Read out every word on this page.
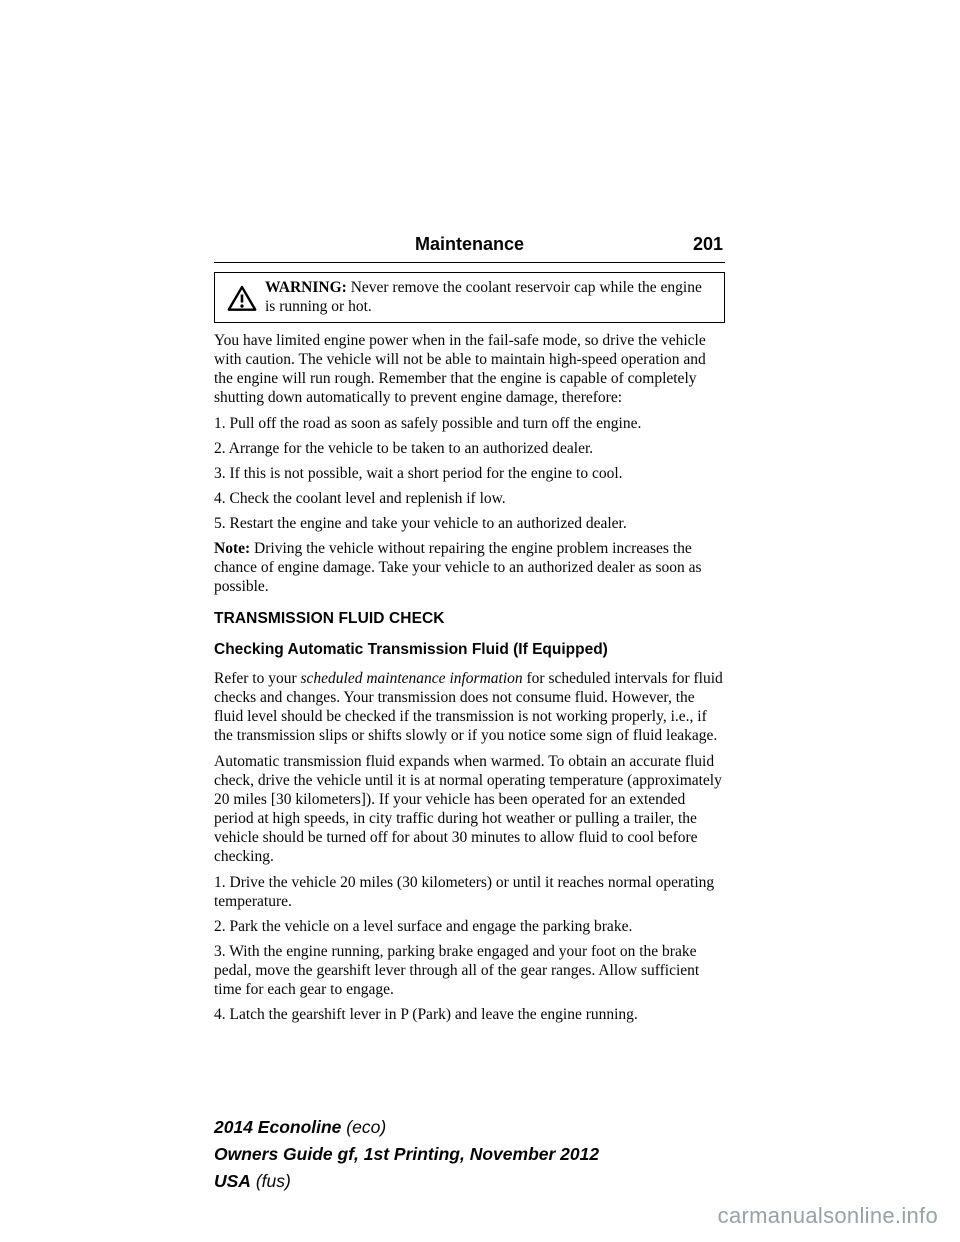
Maintenance	201

WARNING: Never remove the coolant reservoir cap while the engine is running or hot.

You have limited engine power when in the fail-safe mode, so drive the vehicle with caution. The vehicle will not be able to maintain high-speed operation and the engine will run rough. Remember that the engine is capable of completely shutting down automatically to prevent engine damage, therefore:

1. Pull off the road as soon as safely possible and turn off the engine.

2. Arrange for the vehicle to be taken to an authorized dealer.

3. If this is not possible, wait a short period for the engine to cool.

4. Check the coolant level and replenish if low.

5. Restart the engine and take your vehicle to an authorized dealer.

Note: Driving the vehicle without repairing the engine problem increases the chance of engine damage. Take your vehicle to an authorized dealer as soon as possible.

TRANSMISSION FLUID CHECK
Checking Automatic Transmission Fluid (If Equipped)

Refer to your scheduled maintenance information for scheduled intervals for fluid checks and changes. Your transmission does not consume fluid. However, the fluid level should be checked if the transmission is not working properly, i.e., if the transmission slips or shifts slowly or if you notice some sign of fluid leakage.

Automatic transmission fluid expands when warmed. To obtain an accurate fluid check, drive the vehicle until it is at normal operating temperature (approximately 20 miles [30 kilometers]). If your vehicle has been operated for an extended period at high speeds, in city traffic during hot weather or pulling a trailer, the vehicle should be turned off for about 30 minutes to allow fluid to cool before checking.

1. Drive the vehicle 20 miles (30 kilometers) or until it reaches normal operating temperature.

2. Park the vehicle on a level surface and engage the parking brake.

3. With the engine running, parking brake engaged and your foot on the brake pedal, move the gearshift lever through all of the gear ranges. Allow sufficient time for each gear to engage.

4. Latch the gearshift lever in P (Park) and leave the engine running.

2014 Econoline (eco)
Owners Guide gf, 1st Printing, November 2012
USA (fus)
carmanualsonline.info
